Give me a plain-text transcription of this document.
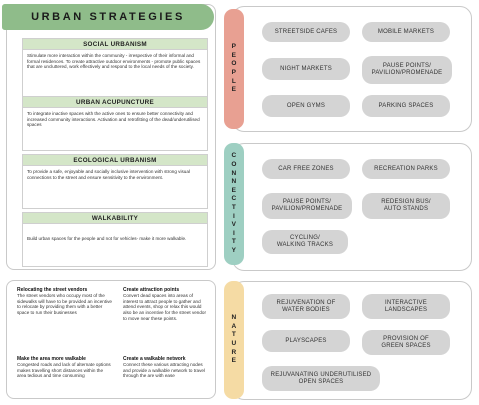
URBAN STRATEGIES
SOCIAL URBANISM
Stimulate more interaction within the community - irrespective of their informal and formal residences. To create attractive outdoor environments - promote public spaces that are uncluttered, work effectively and respond to the local needs of the society.
URBAN ACUPUNCTURE
To integrate inactive spaces with the active ones to ensure better connectivity and increased community interactions. Activation and retrofitting of the dead/underutilised spaces
ECOLOGICAL URBANISM
To provide a safe, enjoyable and socially inclusive intervention with strong visual connections to the street and ensure sensitivity to the environment.
WALKABILITY
Build urban spaces for the people and not for vehicles- make it more walkable.
Relocating the street vendors
The street vendors who occupy most of the sidewalks will have to be provided an incentive to relocate by providing them with a better space to run their businesses
Create attraction points
Convert dead spaces into areas of interest to attract people to gather and attend events, shop or relax this would also be an incentive for the street vendor to move near these points.
Make the area more walkable
Congested roads and lack of alternate options makes travelling short distances within the area tedious and time consuming
Create a walkable network
Connect these various attracting nodes and provide a walkable network to travel through the are with ease
P
E
O
P
L
E
STREETSIDE CAFES	MOBILE MARKETS
NIGHT MARKETS	PAUSE POINTS/
PAVILION/PROMENADE
OPEN GYMS	PARKING SPACES
C
O
N
N
E
C
T
I
V
I
T
Y
CAR FREE ZONES	RECREATION PARKS
PAUSE POINTS/
PAVILION/PROMENADE
REDESIGN BUS/
AUTO STANDS
CYCLING/
WALKING TRACKS
N
A
T
U
R
E
REJUVENATION OF
WATER BODIES
INTERACTIVE
LANDSCAPES
PLAYSCAPES	PROVISION OF
GREEN SPACES
REJUVANATING UNDERUTILISED
OPEN SPACES
